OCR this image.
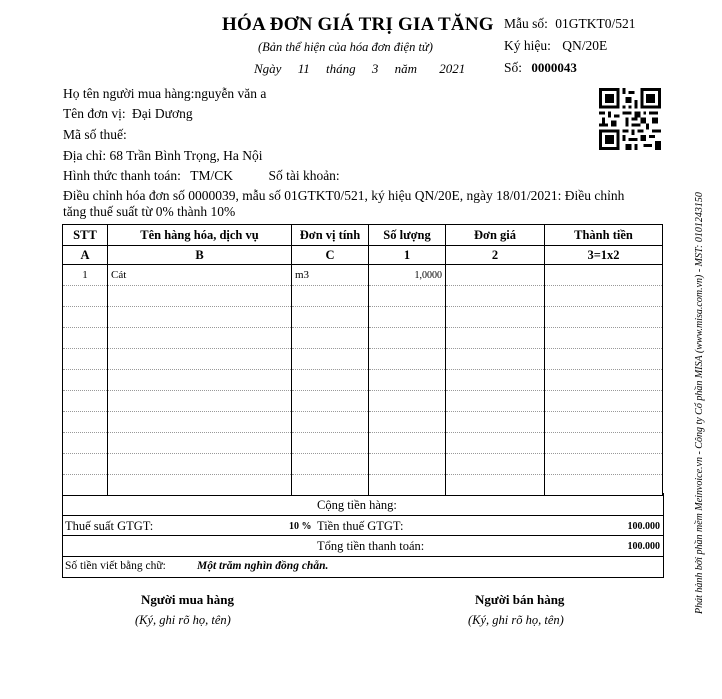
HÓA ĐƠN GIÁ TRỊ GIA TĂNG
(Bản thể hiện của hóa đơn điện tử)
Ngày 11 tháng 3 năm 2021
Mẫu số: 01GTKT0/521
Ký hiệu: QN/20E
Số: 0000043
Họ tên người mua hàng:nguyễn văn a
Tên đơn vị: Đại Dương
Mã số thuế:
Địa chỉ: 68 Trần Bình Trọng, Ha Nội
Hình thức thanh toán: TM/CK	Số tài khoản:
Điều chỉnh hóa đơn số 0000039, mẫu số 01GTKT0/521, ký hiệu QN/20E, ngày 18/01/2021: Điều chỉnh
tăng thuế suất từ 0% thành 10%
STT	Tên hàng hóa, dịch vụ	Đơn vị tính	Số lượng	Đơn giá	Thành tiền
A	B	C	1	2	3=1x2
1	Cát	m3	1,0000		

Cộng tiền hàng:
Thuế suất GTGT:	10 % Tiền thuế GTGT:	100.000
Tổng tiền thanh toán:	100.000
Số tiền viết bằng chữ:	Một trăm nghìn đồng chẵn.
Người mua hàng
(Ký, ghi rõ họ, tên)
Người bán hàng
(Ký, ghi rõ họ, tên)
Phát hành bởi phần mềm Meinvoice.vn - Công ty Cổ phần MISA (www.misa.com.vn) - MST: 0101243150
